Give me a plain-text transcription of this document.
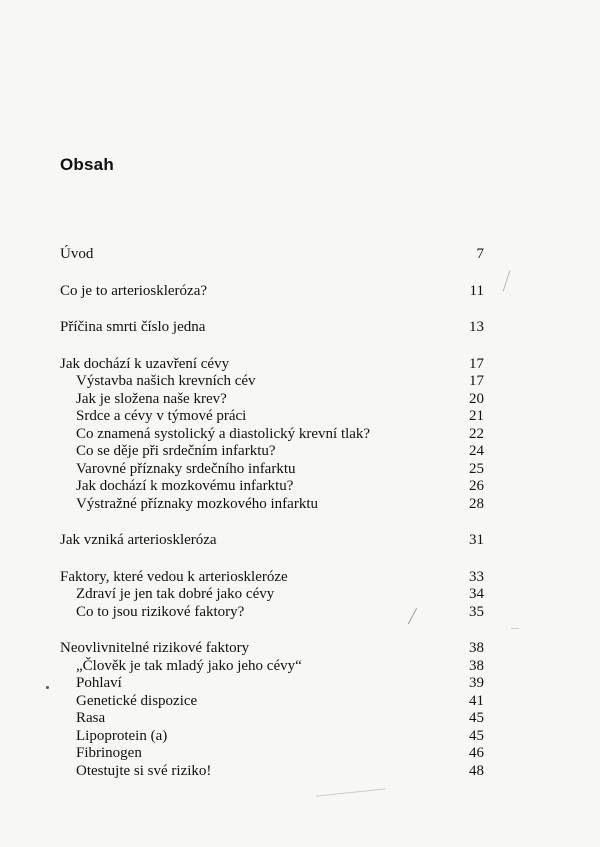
Obsah
Úvod	7
Co je to arterioskleróza?	11
Příčina smrti číslo jedna	13
Jak dochází k uzavření cévy	17
Výstavba našich krevních cév	17
Jak je složena naše krev?	20
Srdce a cévy v týmové práci	21
Co znamená systolický a diastolický krevní tlak?	22
Co se děje při srdečním infarktu?	24
Varovné příznaky srdečního infarktu	25
Jak dochází k mozkovému infarktu?	26
Výstražné příznaky mozkového infarktu	28
Jak vzniká arterioskleróza	31
Faktory, které vedou k arterioskleróze	33
Zdraví je jen tak dobré jako cévy	34
Co to jsou rizikové faktory?	35
Neovlivnitelné rizikové faktory	38
„Člověk je tak mladý jako jeho cévy“	38
Pohlaví	39
Genetické dispozice	41
Rasa	45
Lipoprotein (a)	45
Fibrinogen	46
Otestujte si své riziko!	48
